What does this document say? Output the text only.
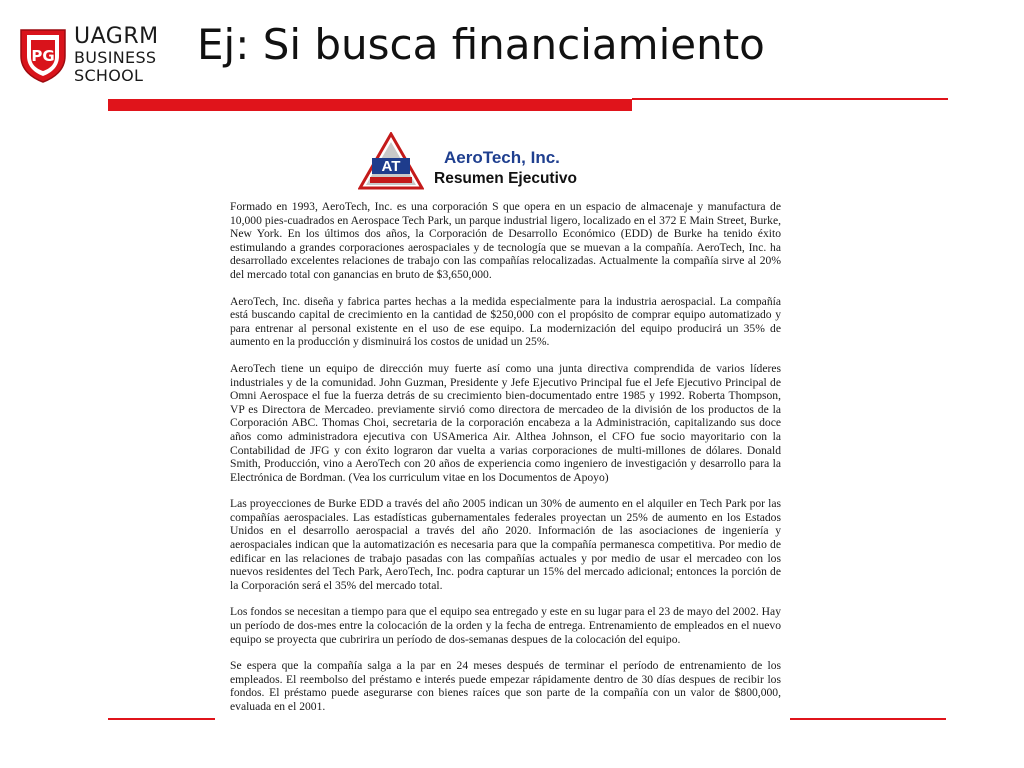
PG
UAGRM
BUSINESS
SCHOOL
Ej: Si busca financiamiento
AT	AeroTech, Inc.
Resumen Ejecutivo

Formado en 1993, AeroTech, Inc. es una corporación S que opera en un espacio de almacenaje y manufactura de 10,000 pies-cuadrados en Aerospace Tech Park, un parque industrial ligero, localizado en el 372 E Main Street, Burke, New York. En los últimos dos años, la Corporación de Desarrollo Económico (EDD) de Burke ha tenido éxito estimulando a grandes corporaciones aerospaciales y de tecnología que se muevan a la compañía. AeroTech, Inc. ha desarrollado excelentes relaciones de trabajo con las compañías relocalizadas. Actualmente la compañía sirve al 20% del mercado total con ganancias en bruto de $3,650,000.

AeroTech, Inc. diseña y fabrica partes hechas a la medida especialmente para la industria aerospacial. La compañía está buscando capital de crecimiento en la cantidad de $250,000 con el propósito de comprar equipo automatizado y para entrenar al personal existente en el uso de ese equipo. La modernización del equipo producirá un 35% de aumento en la producción y disminuirá los costos de unidad un 25%.

AeroTech tiene un equipo de dirección muy fuerte así como una junta directiva comprendida de varios líderes industriales y de la comunidad. John Guzman, Presidente y Jefe Ejecutivo Principal fue el Jefe Ejecutivo Principal de Omni Aerospace el fue la fuerza detrás de su crecimiento bien-documentado entre 1985 y 1992. Roberta Thompson, VP es Directora de Mercadeo. previamente sirvió como directora de mercadeo de la división de los productos de la Corporación ABC. Thomas Choi, secretaria de la corporación encabeza a la Administración, capitalizando sus doce años como administradora ejecutiva con USAmerica Air. Althea Johnson, el CFO fue socio mayoritario con la Contabilidad de JFG y con éxito lograron dar vuelta a varias corporaciones de multi-millones de dólares. Donald Smith, Producción, vino a AeroTech con 20 años de experiencia como ingeniero de investigación y desarrollo para la Electrónica de Bordman. (Vea los curriculum vitae en los Documentos de Apoyo)

Las proyecciones de Burke EDD a través del año 2005 indican un 30% de aumento en el alquiler en Tech Park por las compañías aerospaciales. Las estadísticas gubernamentales federales proyectan un 25% de aumento en los Estados Unidos en el desarrollo aerospacial a través del año 2020. Información de las asociaciones de ingeniería y aerospaciales indican que la automatización es necesaria para que la compañía permanesca competitiva. Por medio de edificar en las relaciones de trabajo pasadas con las compañías actuales y por medio de usar el mercadeo con los nuevos residentes del Tech Park, AeroTech, Inc. podra capturar un 15% del mercado adicional; entonces la porción de la Corporación será el 35% del mercado total.

Los fondos se necesitan a tiempo para que el equipo sea entregado y este en su lugar para el 23 de mayo del 2002. Hay un período de dos-mes entre la colocación de la orden y la fecha de entrega. Entrenamiento de empleados en el nuevo equipo se proyecta que cubririra un período de dos-semanas despues de la colocación del equipo.

Se espera que la compañía salga a la par en 24 meses después de terminar el período de entrenamiento de los empleados. El reembolso del préstamo e interés puede empezar rápidamente dentro de 30 días despues de recibir los fondos. El préstamo puede asegurarse con bienes raíces que son parte de la compañía con un valor de $800,000, evaluada en el 2001.
